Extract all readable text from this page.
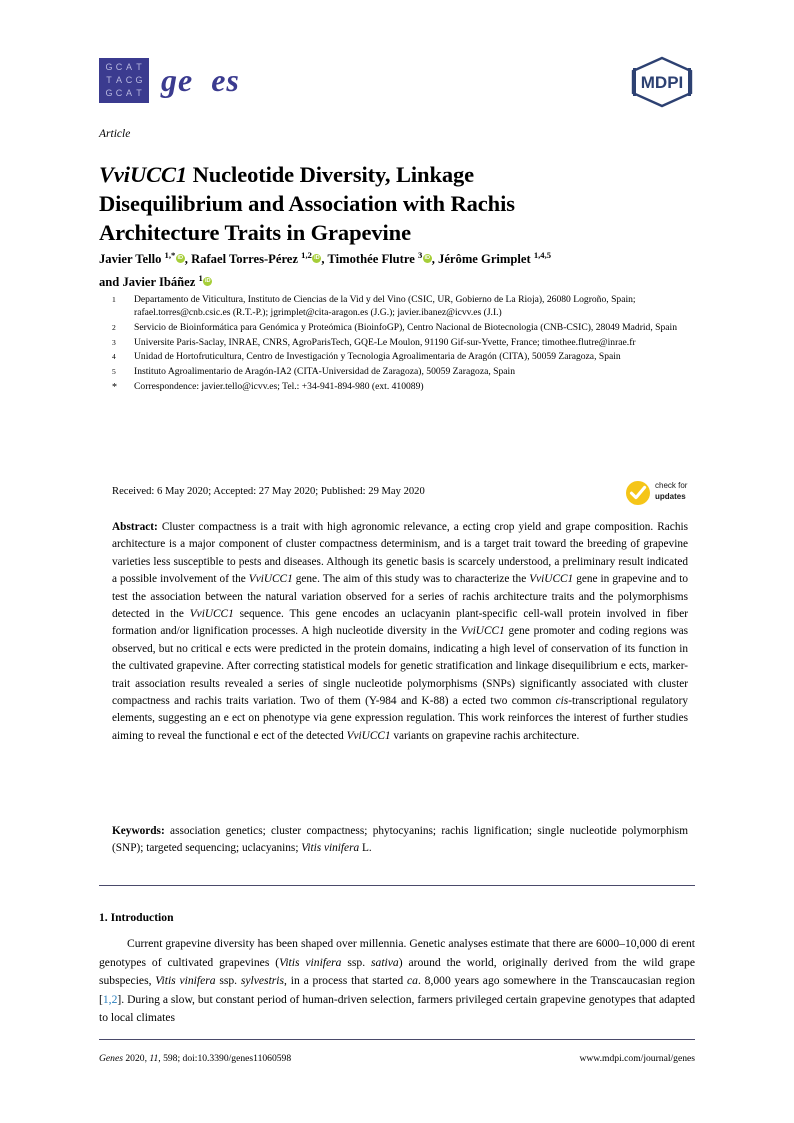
G C A T
T A C G
G C A T ge  es	MDPI
Article
VviUCC1 Nucleotide Diversity, Linkage
Disequilibrium and Association with Rachis
Architecture Traits in Grapevine
Javier Tello $^{1,*}$ iD , Rafael Torres-Pérez $^{1,2}$ iD , Timothée Flutre $^3$ iD , Jérôme Grimplet $^{1,4,5}$
and Javier Ibáñez $^1$iD
1	Departamento de Viticultura, Instituto de Ciencias de la Vid y del Vino (CSIC, UR, Gobierno de La Rioja), 26080 Logroño, Spain; rafael.torres@cnb.csic.es (R.T.-P.); jgrimplet@cita-aragon.es (J.G.); javier.ibanez@icvv.es (J.I.)
2	Servicio de Bioinformática para Genómica y Proteómica (BioinfoGP), Centro Nacional de Biotecnologia (CNB-CSIC), 28049 Madrid, Spain
3	Universite Paris-Saclay, INRAE, CNRS, AgroParisTech, GQE-Le Moulon, 91190 Gif-sur-Yvette, France; timothee.flutre@inrae.fr
4	Unidad de Hortofruticultura, Centro de Investigación y Tecnologia Agroalimentaria de Aragón (CITA), 50059 Zaragoza, Spain
5	Instituto Agroalimentario de Aragón-IA2 (CITA-Universidad de Zaragoza), 50059 Zaragoza, Spain
*	Correspondence: javier.tello@icvv.es; Tel.: +34-941-894-980 (ext. 410089)
Received: 6 May 2020; Accepted: 27 May 2020; Published: 29 May 2020
check for
updates
Abstract: Cluster compactness is a trait with high agronomic relevance, a ecting crop yield and grape composition. Rachis architecture is a major component of cluster compactness determinism, and is a target trait toward the breeding of grapevine varieties less susceptible to pests and diseases. Although its genetic basis is scarcely understood, a preliminary result indicated a possible involvement of the VviUCC1 gene. The aim of this study was to characterize the VviUCC1 gene in grapevine and to test the association between the natural variation observed for a series of rachis architecture traits and the polymorphisms detected in the VviUCC1 sequence. This gene encodes an uclacyanin plant-specific cell-wall protein involved in fiber formation and/or lignification processes. A high nucleotide diversity in the VviUCC1 gene promoter and coding regions was observed, but no critical e ects were predicted in the protein domains, indicating a high level of conservation of its function in the cultivated grapevine. After correcting statistical models for genetic stratification and linkage disequilibrium e ects, marker-trait association results revealed a series of single nucleotide polymorphisms (SNPs) significantly associated with cluster compactness and rachis traits variation. Two of them (Y-984 and K-88) a ected two common cis-transcriptional regulatory elements, suggesting an e ect on phenotype via gene expression regulation. This work reinforces the interest of further studies aiming to reveal the functional e ect of the detected VviUCC1 variants on grapevine rachis architecture.
Keywords: association genetics; cluster compactness; phytocyanins; rachis lignification; single nucleotide polymorphism (SNP); targeted sequencing; uclacyanins; Vitis vinifera L.
1. Introduction

Current grapevine diversity has been shaped over millennia. Genetic analyses estimate that there are 6000–10,000 di erent genotypes of cultivated grapevines (Vitis vinifera ssp. sativa) around the world, originally derived from the wild grape subspecies, Vitis vinifera ssp. sylvestris, in a process that started ca. 8,000 years ago somewhere in the Transcaucasian region [1,2]. During a slow, but constant period of human-driven selection, farmers privileged certain grapevine genotypes that adapted to local climates

Genes 2020, 11, 598; doi:10.3390/genes11060598	www.mdpi.com/journal/genes
